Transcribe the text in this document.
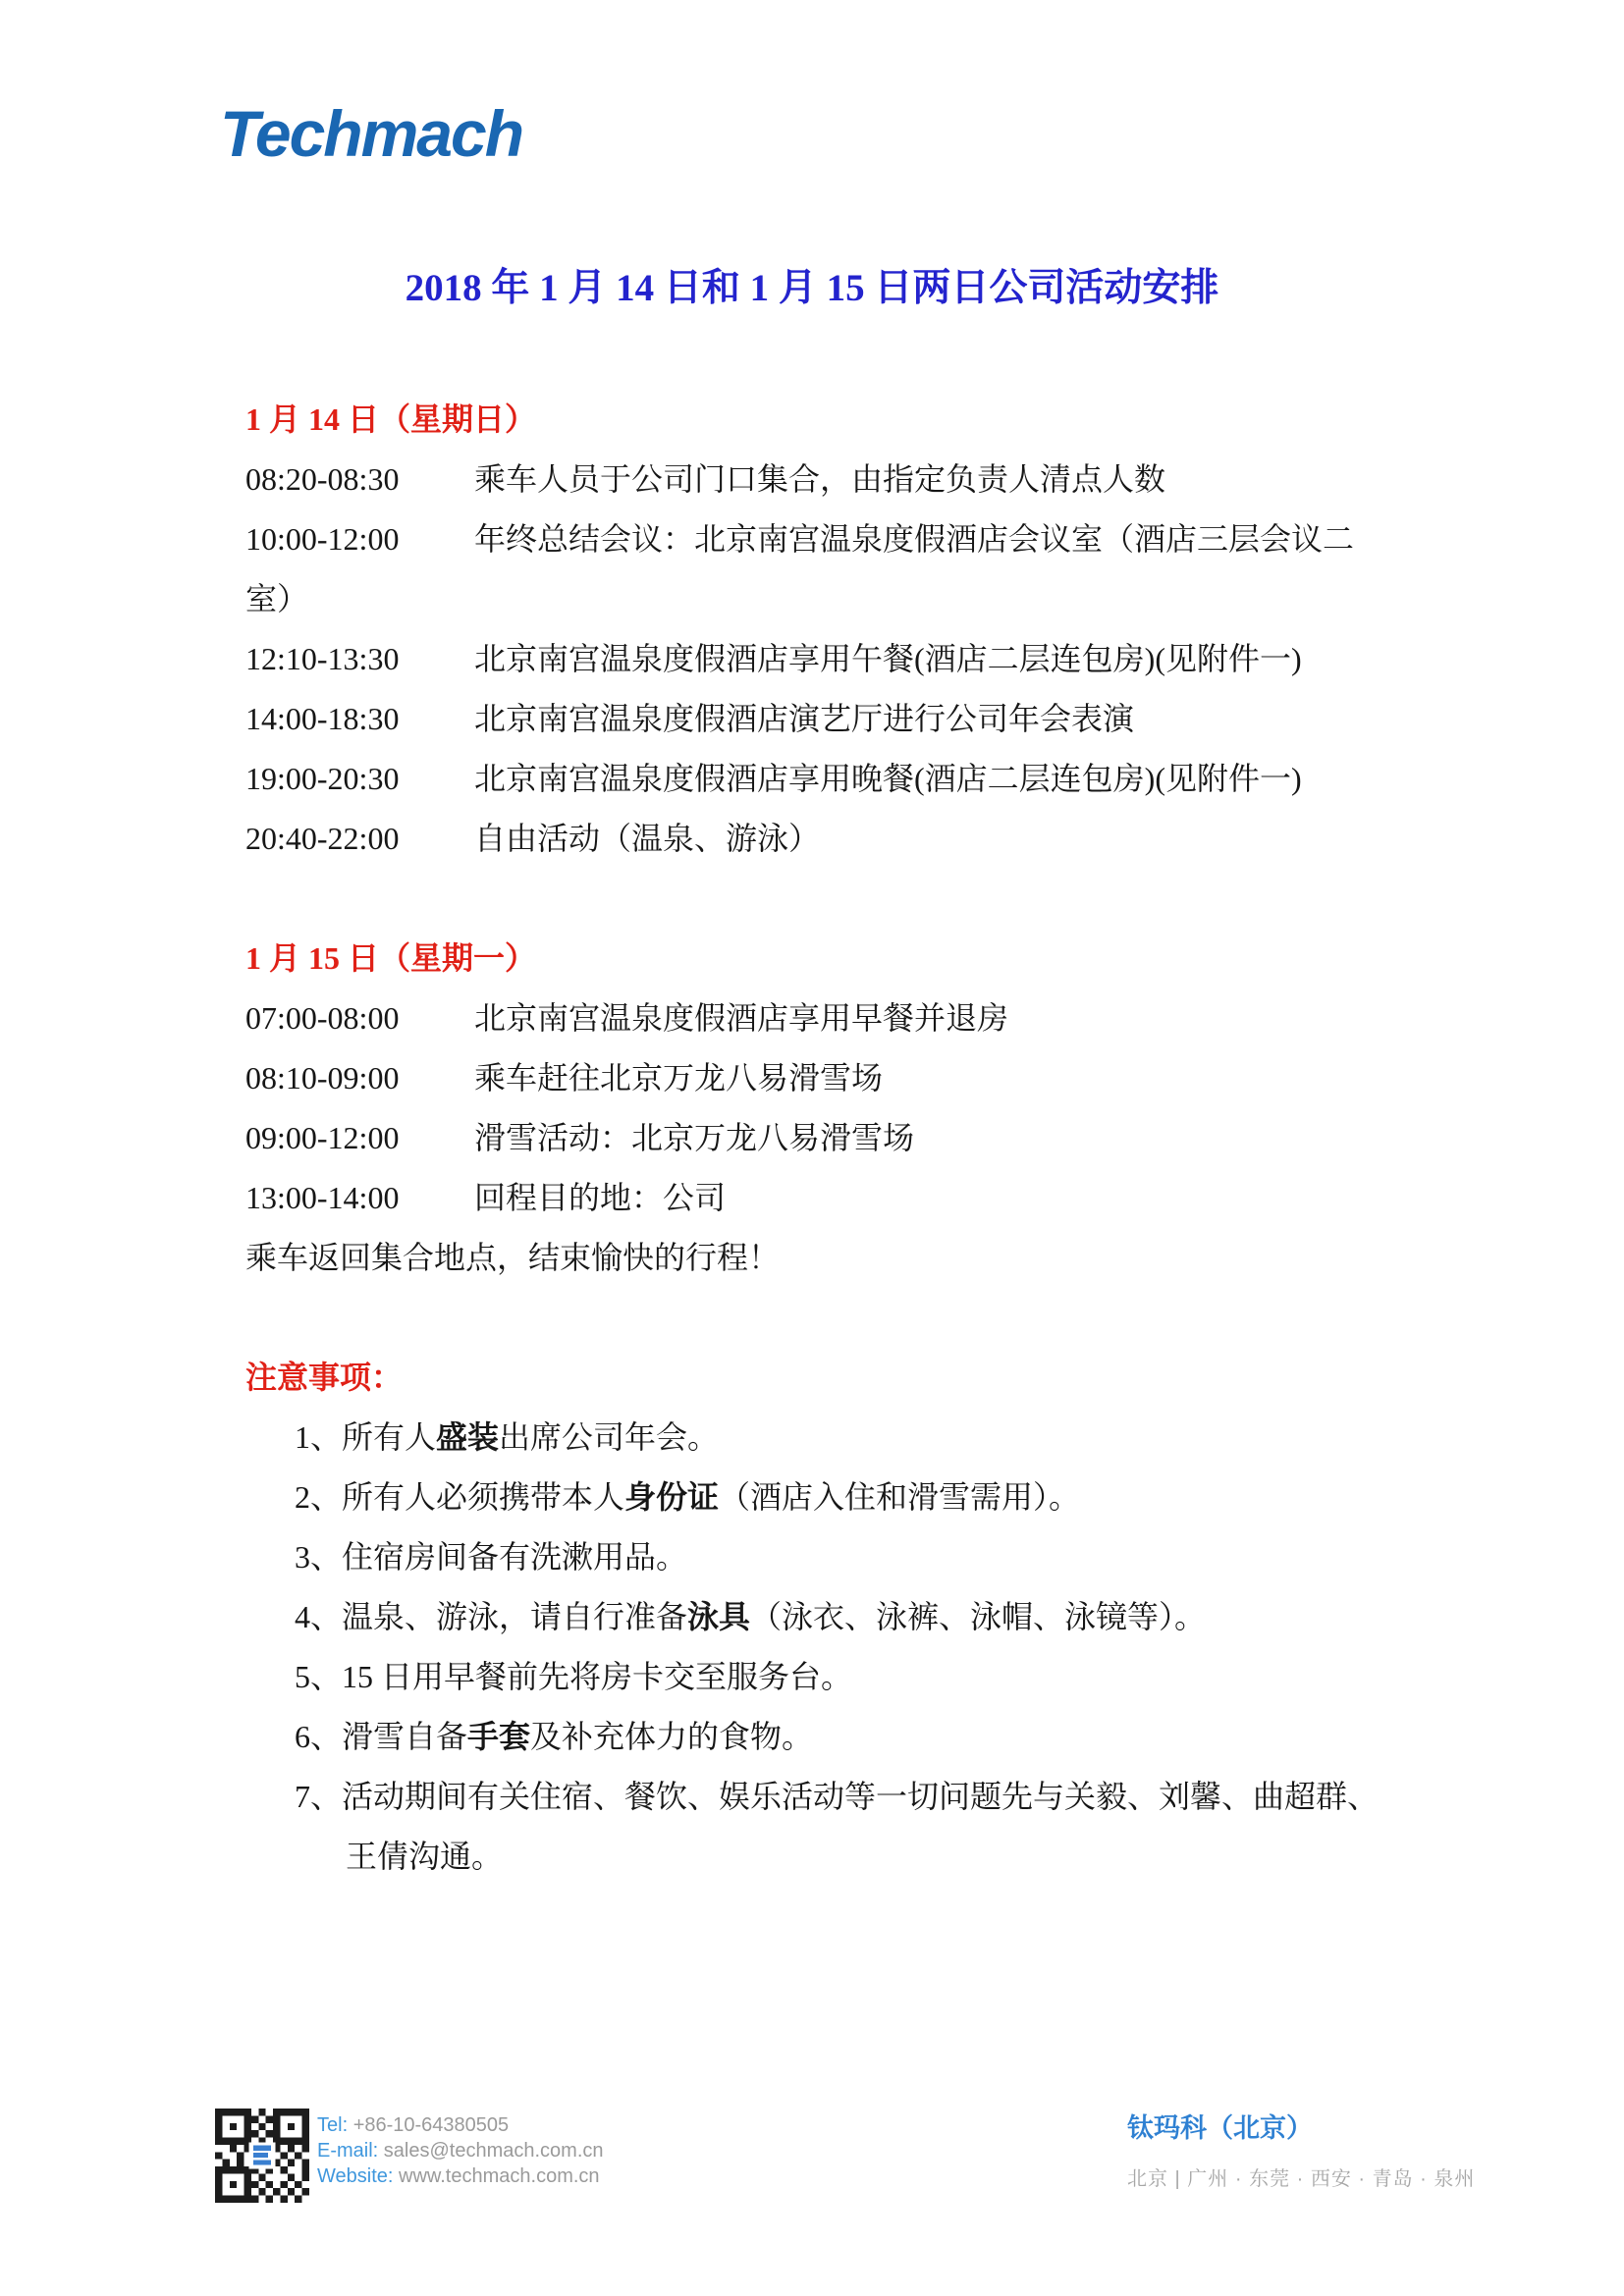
Techmach
2018 年 1 月 14 日和 1 月 15 日两日公司活动安排
1 月 14 日（星期日）
08:20-08:30 乘车人员于公司门口集合，由指定负责人清点人数
10:00-12:00 年终总结会议：北京南宫温泉度假酒店会议室（酒店三层会议二
室）
12:10-13:30 北京南宫温泉度假酒店享用午餐(酒店二层连包房)(见附件一)
14:00-18:30 北京南宫温泉度假酒店演艺厅进行公司年会表演
19:00-20:30 北京南宫温泉度假酒店享用晚餐(酒店二层连包房)(见附件一)
20:40-22:00 自由活动（温泉、游泳）
1 月 15 日（星期一）
07:00-08:00 北京南宫温泉度假酒店享用早餐并退房
08:10-09:00 乘车赶往北京万龙八易滑雪场
09:00-12:00 滑雪活动：北京万龙八易滑雪场
13:00-14:00 回程目的地：公司
乘车返回集合地点，结束愉快的行程！
注意事项：
1、所有人盛装出席公司年会。
2、所有人必须携带本人身份证（酒店入住和滑雪需用）。
3、住宿房间备有洗漱用品。
4、温泉、游泳，请自行准备泳具（泳衣、泳裤、泳帽、泳镜等）。
5、15 日用早餐前先将房卡交至服务台。
6、滑雪自备手套及补充体力的食物。
7、活动期间有关住宿、餐饮、娱乐活动等一切问题先与关毅、刘馨、曲超群、
王倩沟通。
Tel: +86-10-64380505
E-mail: sales@techmach.com.cn
Website: www.techmach.com.cn
钛玛科（北京）
北京 | 广州 · 东莞 · 西安 · 青岛 · 泉州
